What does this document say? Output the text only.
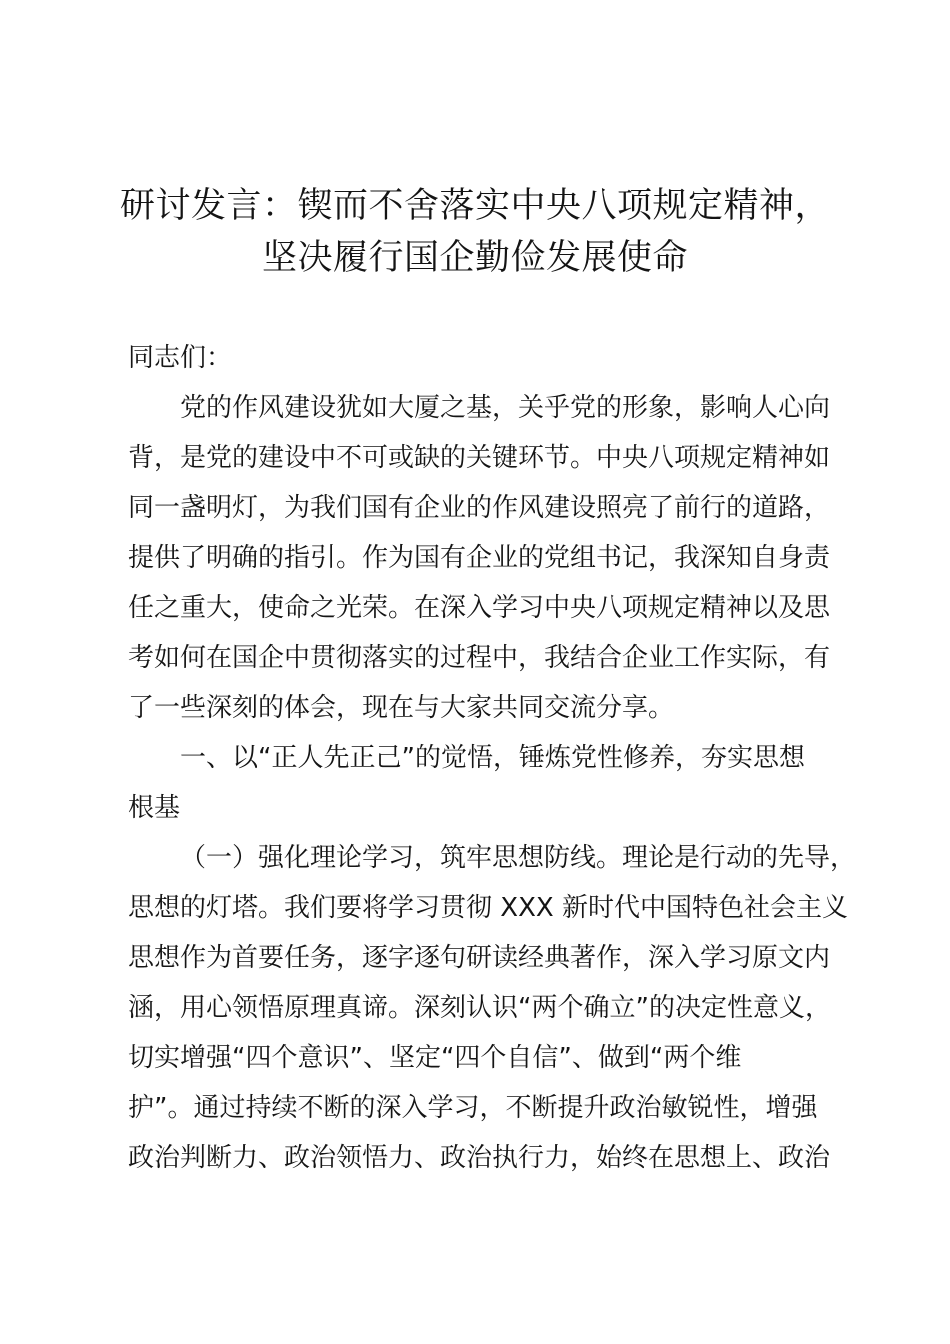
研讨发言：锲而不舍落实中央八项规定精神，
坚决履行国企勤俭发展使命
同志们：
党的作风建设犹如大厦之基，关乎党的形象，影响人心向
背，是党的建设中不可或缺的关键环节。中央八项规定精神如
同一盏明灯，为我们国有企业的作风建设照亮了前行的道路，
提供了明确的指引。作为国有企业的党组书记，我深知自身责
任之重大，使命之光荣。在深入学习中央八项规定精神以及思
考如何在国企中贯彻落实的过程中，我结合企业工作实际，有
了一些深刻的体会，现在与大家共同交流分享。
一、以“正人先正己”的觉悟，锤炼党性修养，夯实思想
根基
（一）强化理论学习，筑牢思想防线。理论是行动的先导，
思想的灯塔。我们要将学习贯彻 XXX 新时代中国特色社会主义
思想作为首要任务，逐字逐句研读经典著作，深入学习原文内
涵，用心领悟原理真谛。深刻认识“两个确立”的决定性意义，
切实增强“四个意识”、坚定“四个自信”、做到“两个维
护”。通过持续不断的深入学习，不断提升政治敏锐性，增强
政治判断力、政治领悟力、政治执行力，始终在思想上、政治
